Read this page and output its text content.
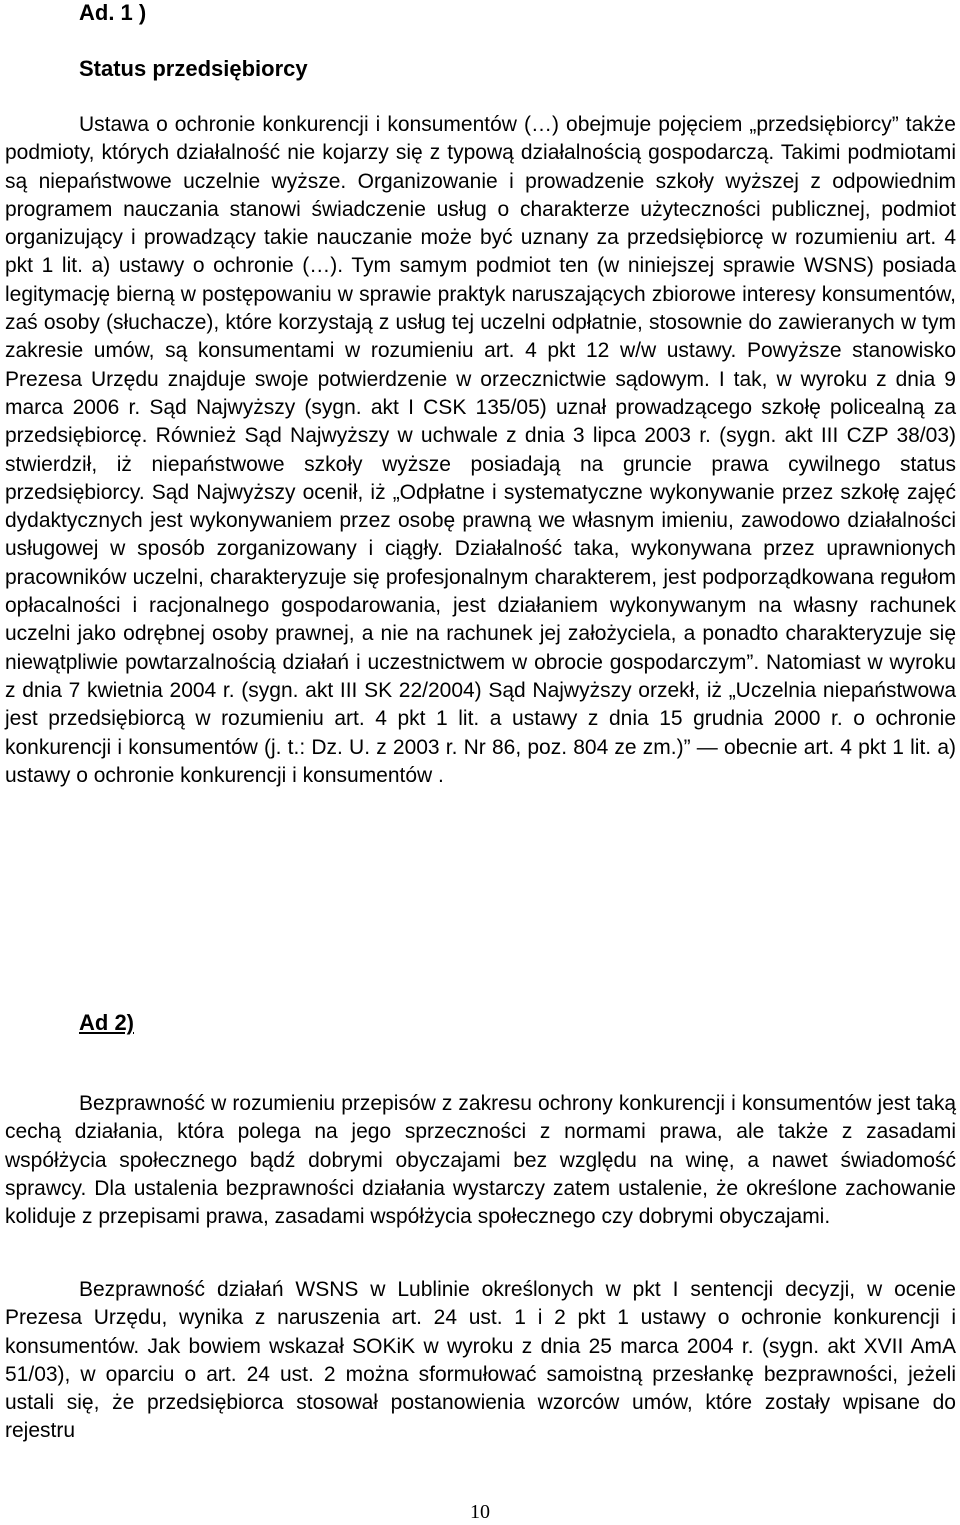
Ad. 1 )
Status przedsiębiorcy
Ustawa o ochronie konkurencji i konsumentów (…) obejmuje pojęciem „przedsiębiorcy” także podmioty, których działalność nie kojarzy się z typową działalnością gospodarczą. Takimi podmiotami są niepaństwowe uczelnie wyższe. Organizowanie i prowadzenie szkoły wyższej z odpowiednim programem nauczania stanowi świadczenie usług o charakterze użyteczności publicznej, podmiot organizujący i prowadzący takie nauczanie może być uznany za przedsiębiorcę w rozumieniu art. 4 pkt 1 lit. a) ustawy o ochronie (…). Tym samym podmiot ten (w niniejszej sprawie WSNS) posiada legitymację bierną w postępowaniu w sprawie praktyk naruszających zbiorowe interesy konsumentów, zaś osoby (słuchacze), które korzystają z usług tej uczelni odpłatnie, stosownie do zawieranych w tym zakresie umów, są konsumentami w rozumieniu art. 4 pkt 12 w/w ustawy. Powyższe stanowisko Prezesa Urzędu znajduje swoje potwierdzenie w orzecznictwie sądowym. I tak, w wyroku z dnia 9 marca 2006 r. Sąd Najwyższy (sygn. akt I CSK 135/05) uznał prowadzącego szkołę policealną za przedsiębiorcę. Również Sąd Najwyższy w uchwale z dnia 3 lipca 2003 r. (sygn. akt III CZP 38/03) stwierdził, iż niepaństwowe szkoły wyższe posiadają na gruncie prawa cywilnego status przedsiębiorcy. Sąd Najwyższy ocenił, iż „Odpłatne i systematyczne wykonywanie przez szkołę zajęć dydaktycznych jest wykonywaniem przez osobę prawną we własnym imieniu, zawodowo działalności usługowej w sposób zorganizowany i ciągły. Działalność taka, wykonywana przez uprawnionych pracowników uczelni, charakteryzuje się profesjonalnym charakterem, jest podporządkowana regułom opłacalności i racjonalnego gospodarowania, jest działaniem wykonywanym na własny rachunek uczelni jako odrębnej osoby prawnej, a nie na rachunek jej założyciela, a ponadto charakteryzuje się niewątpliwie powtarzalnością działań i uczestnictwem w obrocie gospodarczym”. Natomiast w wyroku z dnia 7 kwietnia 2004 r. (sygn. akt III SK 22/2004) Sąd Najwyższy orzekł, iż „Uczelnia niepaństwowa jest przedsiębiorcą w rozumieniu art. 4 pkt 1 lit. a ustawy z dnia 15 grudnia 2000 r. o ochronie konkurencji i konsumentów (j. t.: Dz. U. z 2003 r. Nr 86, poz. 804 ze zm.)” — obecnie art. 4 pkt 1 lit. a) ustawy o ochronie konkurencji i konsumentów .
Ad 2)
Bezprawność w rozumieniu przepisów z zakresu ochrony konkurencji i konsumentów jest taką cechą działania, która polega na jego sprzeczności z normami prawa, ale także z zasadami współżycia społecznego bądź dobrymi obyczajami bez względu na winę, a nawet świadomość sprawcy. Dla ustalenia bezprawności działania wystarczy zatem ustalenie, że określone zachowanie koliduje z przepisami prawa, zasadami współżycia społecznego czy dobrymi obyczajami.
Bezprawność działań WSNS w Lublinie określonych w pkt I sentencji decyzji, w ocenie Prezesa Urzędu, wynika z naruszenia art. 24 ust. 1 i 2 pkt 1 ustawy o ochronie konkurencji i konsumentów. Jak bowiem wskazał SOKiK w wyroku z dnia 25 marca 2004 r. (sygn. akt XVII AmA 51/03), w oparciu o art. 24 ust. 2 można sformułować samoistną przesłankę bezprawności, jeżeli ustali się, że przedsiębiorca stosował postanowienia wzorców umów, które zostały wpisane do rejestru
10
